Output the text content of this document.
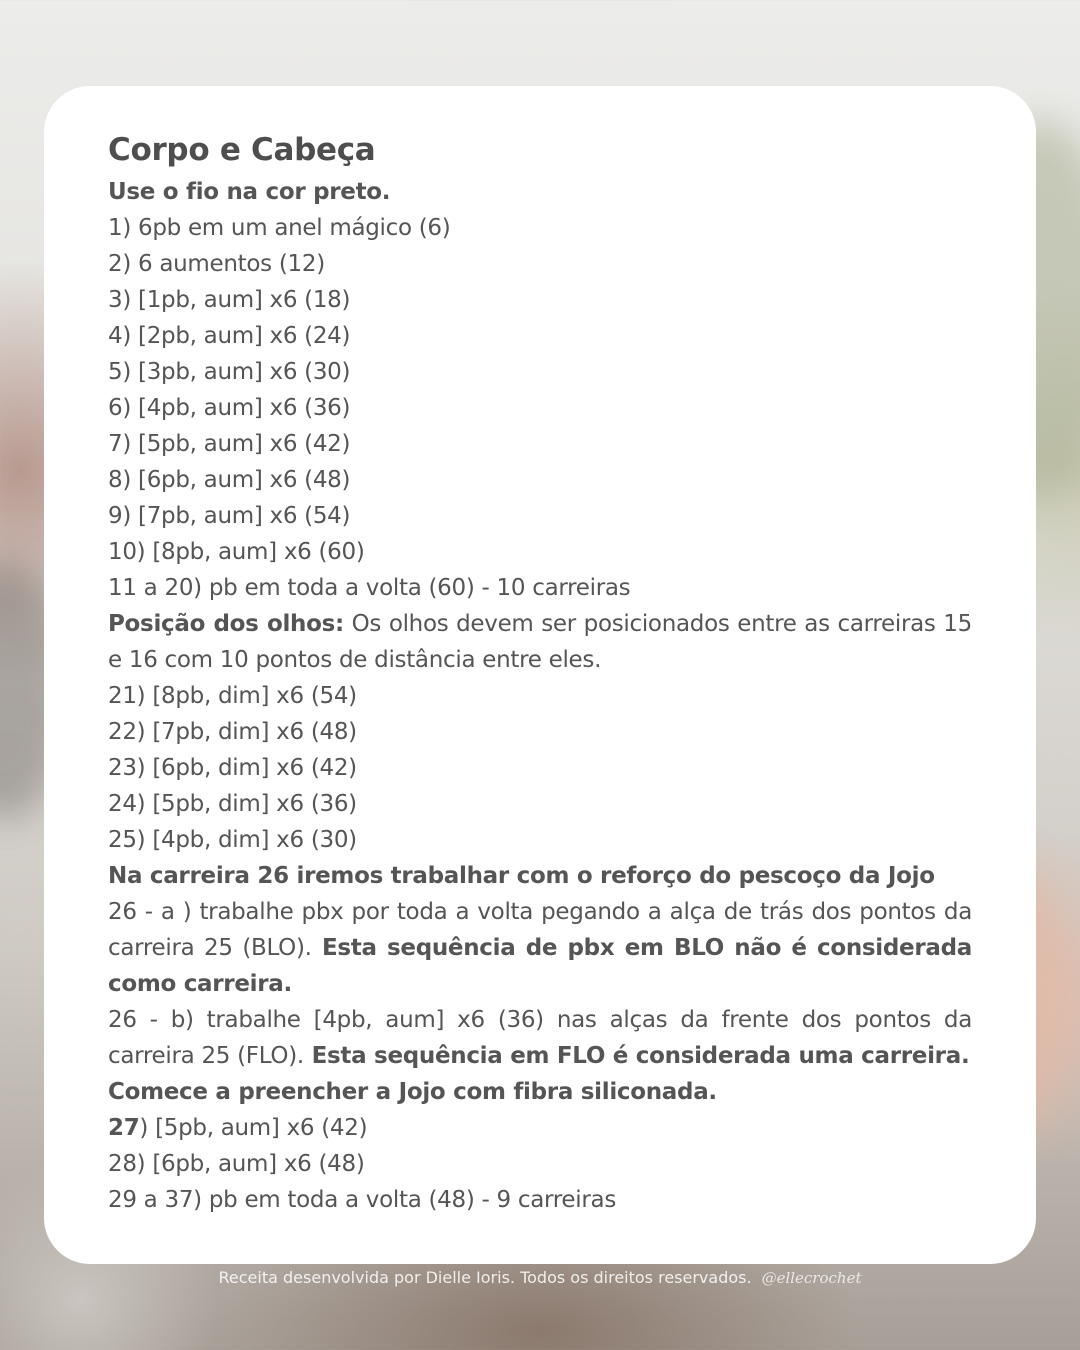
Corpo e Cabeça

Use o fio na cor preto.

1) 6pb em um anel mágico (6)

2) 6 aumentos (12)

3) [1pb, aum] x6 (18)

4) [2pb, aum] x6 (24)

5) [3pb, aum] x6 (30)

6) [4pb, aum] x6 (36)

7) [5pb, aum] x6 (42)

8) [6pb, aum] x6 (48)

9) [7pb, aum] x6 (54)

10) [8pb, aum] x6 (60)

11 a 20) pb em toda a volta (60) - 10 carreiras

Posição dos olhos: Os olhos devem ser posicionados entre as carreiras 15 e 16 com 10 pontos de distância entre eles.

21) [8pb, dim] x6 (54)

22) [7pb, dim] x6 (48)

23) [6pb, dim] x6 (42)

24) [5pb, dim] x6 (36)

25) [4pb, dim] x6 (30)

Na carreira 26 iremos trabalhar com o reforço do pescoço da Jojo

26 - a ) trabalhe pbx por toda a volta pegando a alça de trás dos pontos da carreira 25 (BLO). Esta sequência de pbx em BLO não é considerada como carreira.

26 - b) trabalhe [4pb, aum] x6 (36) nas alças da frente dos pontos da carreira 25 (FLO). Esta sequência em FLO é considerada uma carreira.

Comece a preencher a Jojo com fibra siliconada.

27) [5pb, aum] x6 (42)

28) [6pb, aum] x6 (48)

29 a 37) pb em toda a volta (48) - 9 carreiras

Receita desenvolvida por Dielle Ioris. Todos os direitos reservados. @ellecrochet
